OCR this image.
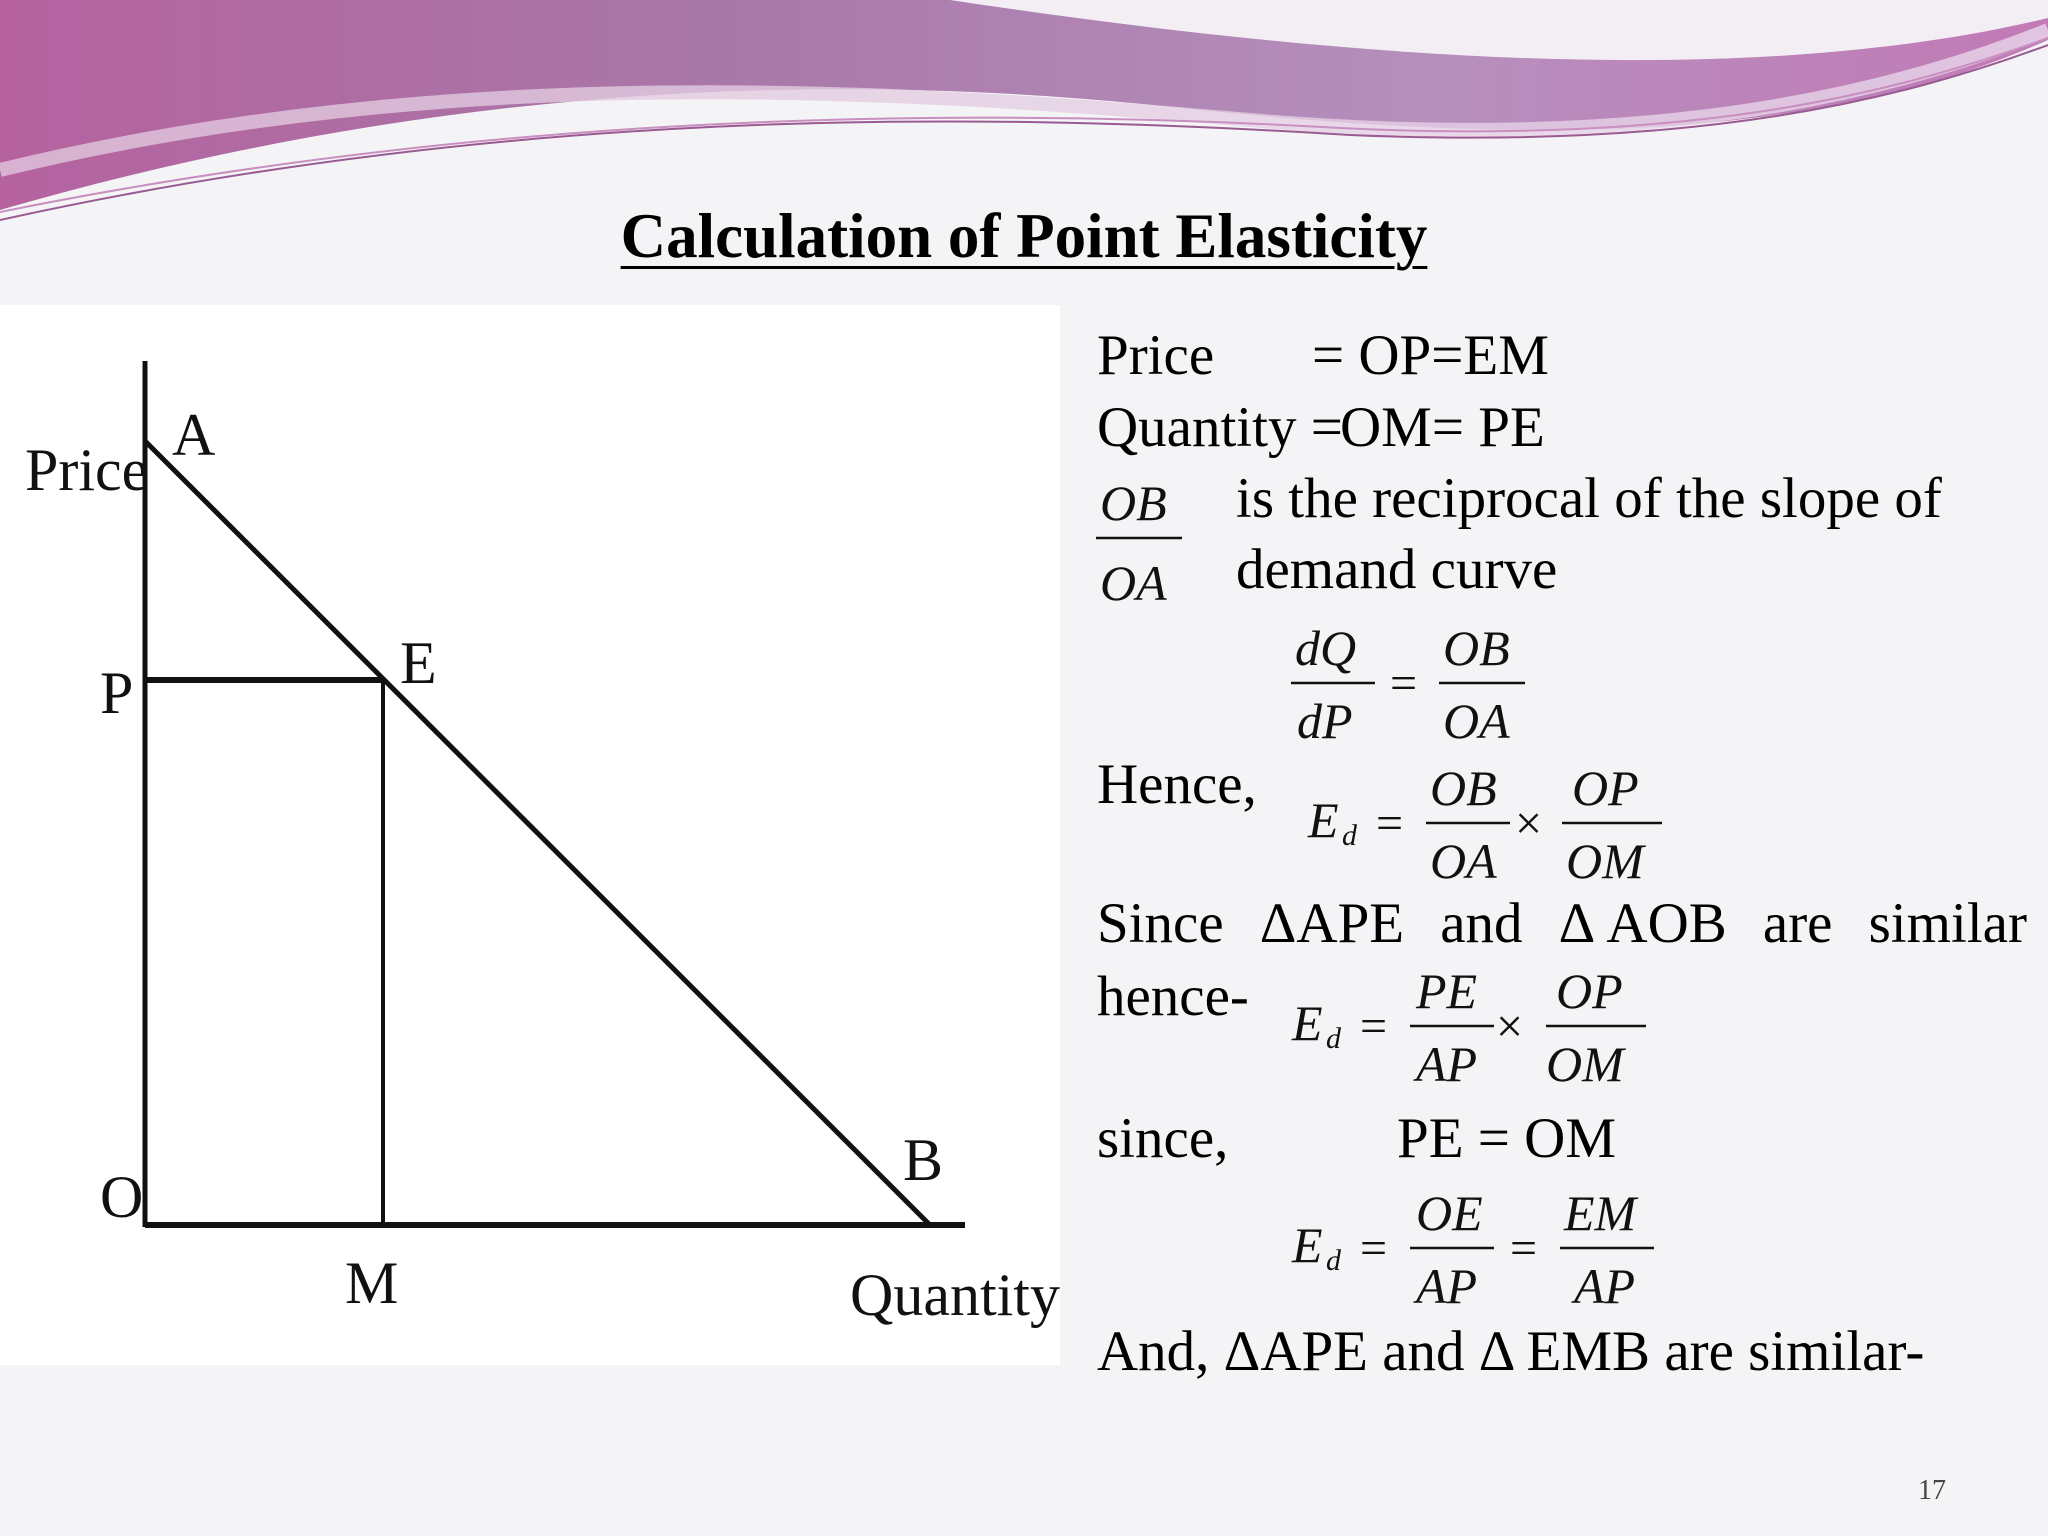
Calculation of Point Elasticity
Price
A
E
P
O
M
B
Quantity
Price = OP=EM
Quantity =
OM= PE
OB
OA
is the reciprocal of the slope of
demand curve
dQ
dP
=
OB
OA
Hence,
E d =
OB
OA
×
OP
OM
Since ΔAPE and Δ AOB are similar
hence- E d =
PE
AP
×
OP
OM
since,	PE = OM
E d =
OE
AP
=
EM
AP
And, ΔAPE and Δ EMB are similar-
17
